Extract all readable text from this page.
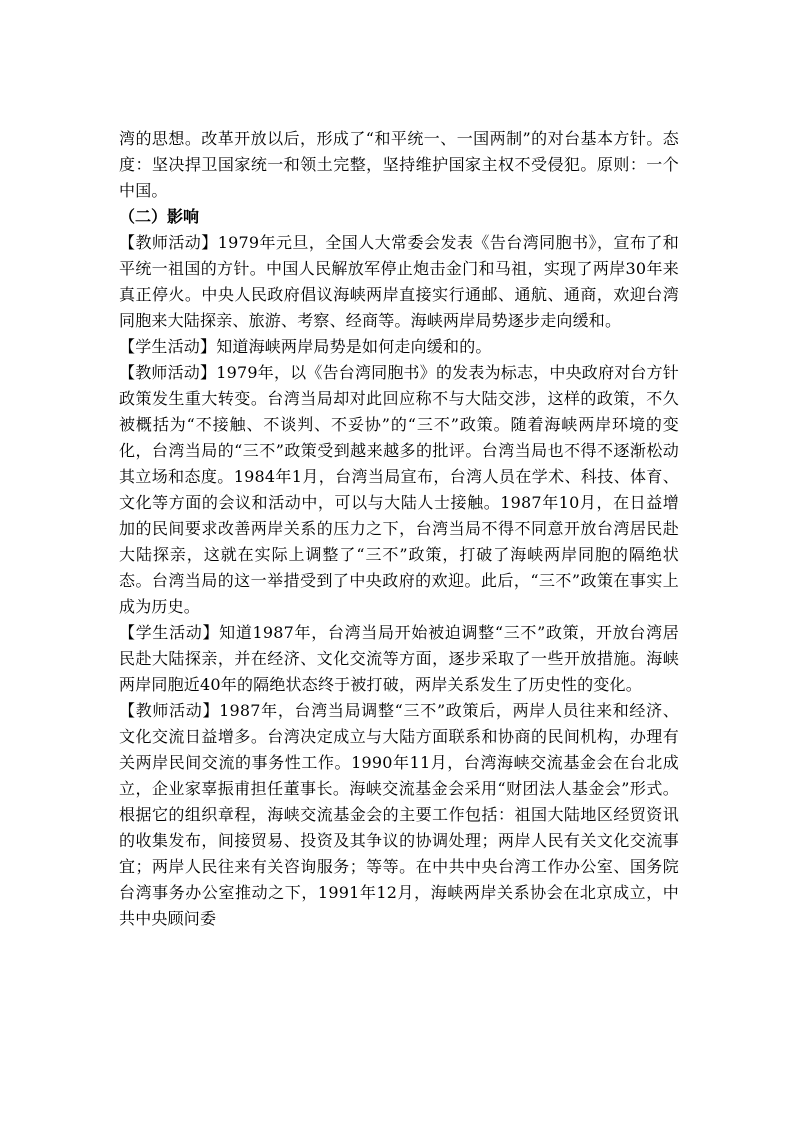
湾的思想。改革开放以后，形成了“和平统一、一国两制”的对台基本方针。态度：坚决捍卫国家统一和领土完整，坚持维护国家主权不受侵犯。原则：一个中国。

（二）影响

【教师活动】1979年元旦，全国人大常委会发表《告台湾同胞书》，宣布了和平统一祖国的方针。中国人民解放军停止炮击金门和马祖，实现了两岸30年来真正停火。中央人民政府倡议海峡两岸直接实行通邮、通航、通商，欢迎台湾同胞来大陆探亲、旅游、考察、经商等。海峡两岸局势逐步走向缓和。

【学生活动】知道海峡两岸局势是如何走向缓和的。

【教师活动】1979年，以《告台湾同胞书》的发表为标志，中央政府对台方针政策发生重大转变。台湾当局却对此回应称不与大陆交涉，这样的政策，不久被概括为“不接触、不谈判、不妥协”的“三不”政策。随着海峡两岸环境的变化，台湾当局的“三不”政策受到越来越多的批评。台湾当局也不得不逐渐松动其立场和态度。1984年1月，台湾当局宣布，台湾人员在学术、科技、体育、文化等方面的会议和活动中，可以与大陆人士接触。1987年10月，在日益增加的民间要求改善两岸关系的压力之下，台湾当局不得不同意开放台湾居民赴大陆探亲，这就在实际上调整了“三不”政策，打破了海峡两岸同胞的隔绝状态。台湾当局的这一举措受到了中央政府的欢迎。此后，“三不”政策在事实上成为历史。

【学生活动】知道1987年，台湾当局开始被迫调整“三不”政策，开放台湾居民赴大陆探亲，并在经济、文化交流等方面，逐步采取了一些开放措施。海峡两岸同胞近40年的隔绝状态终于被打破，两岸关系发生了历史性的变化。

【教师活动】1987年，台湾当局调整“三不”政策后，两岸人员往来和经济、文化交流日益增多。台湾决定成立与大陆方面联系和协商的民间机构，办理有关两岸民间交流的事务性工作。1990年11月，台湾海峡交流基金会在台北成立，企业家辜振甫担任董事长。海峡交流基金会采用“财团法人基金会”形式。根据它的组织章程，海峡交流基金会的主要工作包括：祖国大陆地区经贸资讯的收集发布，间接贸易、投资及其争议的协调处理；两岸人民有关文化交流事宜；两岸人民往来有关咨询服务；等等。在中共中央台湾工作办公室、国务院台湾事务办公室推动之下，1991年12月，海峡两岸关系协会在北京成立，中共中央顾问委
